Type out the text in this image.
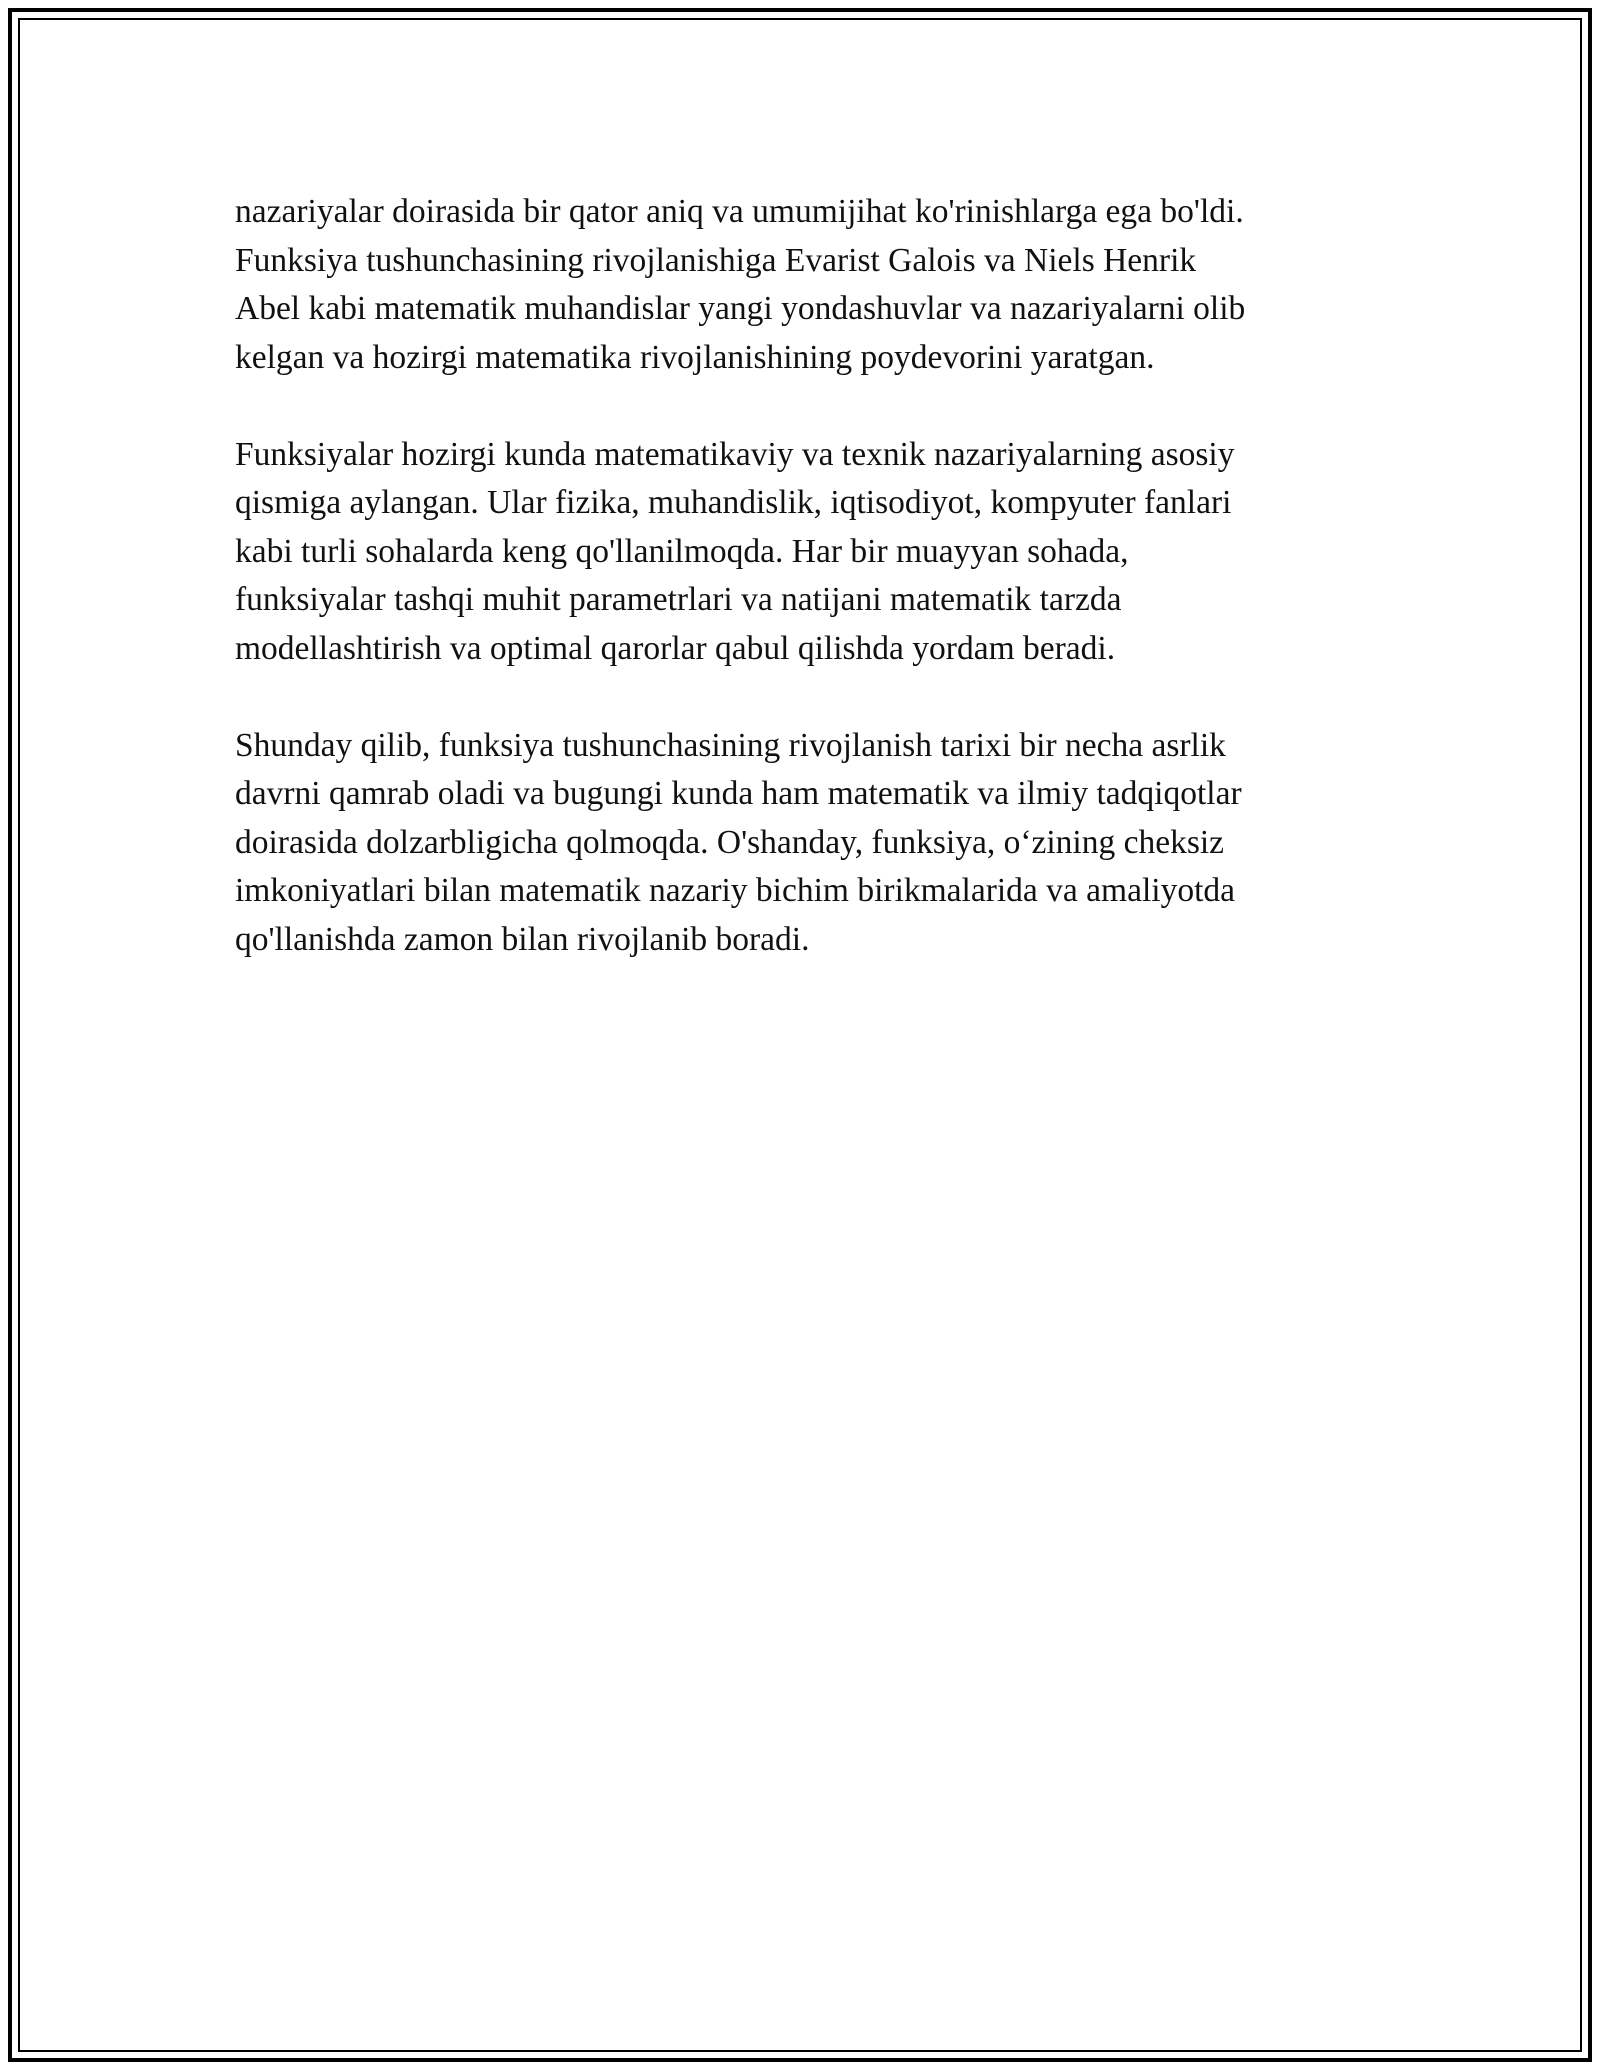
nazariyalar doirasida bir qator aniq va umumijihat ko'rinishlarga ega bo'ldi.
Funksiya tushunchasining rivojlanishiga Evarist Galois va Niels Henrik
Abel kabi matematik muhandislar yangi yondashuvlar va nazariyalarni olib
kelgan va hozirgi matematika rivojlanishining poydevorini yaratgan.

Funksiyalar hozirgi kunda matematikaviy va texnik nazariyalarning asosiy
qismiga aylangan. Ular fizika, muhandislik, iqtisodiyot, kompyuter fanlari
kabi turli sohalarda keng qo'llanilmoqda. Har bir muayyan sohada,
funksiyalar tashqi muhit parametrlari va natijani matematik tarzda
modellashtirish va optimal qarorlar qabul qilishda yordam beradi.

Shunday qilib, funksiya tushunchasining rivojlanish tarixi bir necha asrlik
davrni qamrab oladi va bugungi kunda ham matematik va ilmiy tadqiqotlar
doirasida dolzarbligicha qolmoqda. O'shanday, funksiya, o‘zining cheksiz
imkoniyatlari bilan matematik nazariy bichim birikmalarida va amaliyotda
qo'llanishda zamon bilan rivojlanib boradi.
